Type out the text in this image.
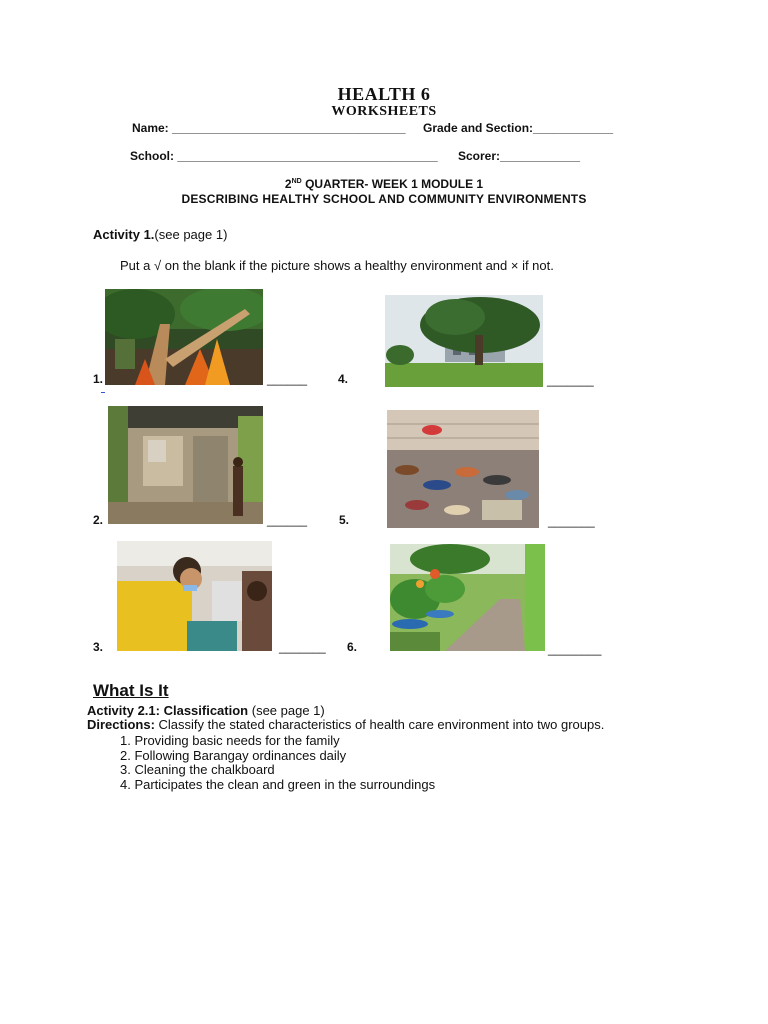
HEALTH 6
WORKSHEETS
Name: ___________________________________ Grade and Section:____________
School: _______________________________________ Scorer:____________
2ND QUARTER- WEEK 1 MODULE 1
DESCRIBING HEALTHY SCHOOL AND COMMUNITY ENVIRONMENTS
Activity 1.(see page 1)
Put a √ on the blank if the picture shows a healthy environment and × if not.
1.	______	4.	_______
2.	______	5.	_______
3.	_______ 6.	________
What Is It
Activity 2.1: Classification (see page 1)
Directions: Classify the stated characteristics of health care environment into two groups.
1. Providing basic needs for the family
2. Following Barangay ordinances daily
3. Cleaning the chalkboard
4. Participates the clean and green in the surroundings
